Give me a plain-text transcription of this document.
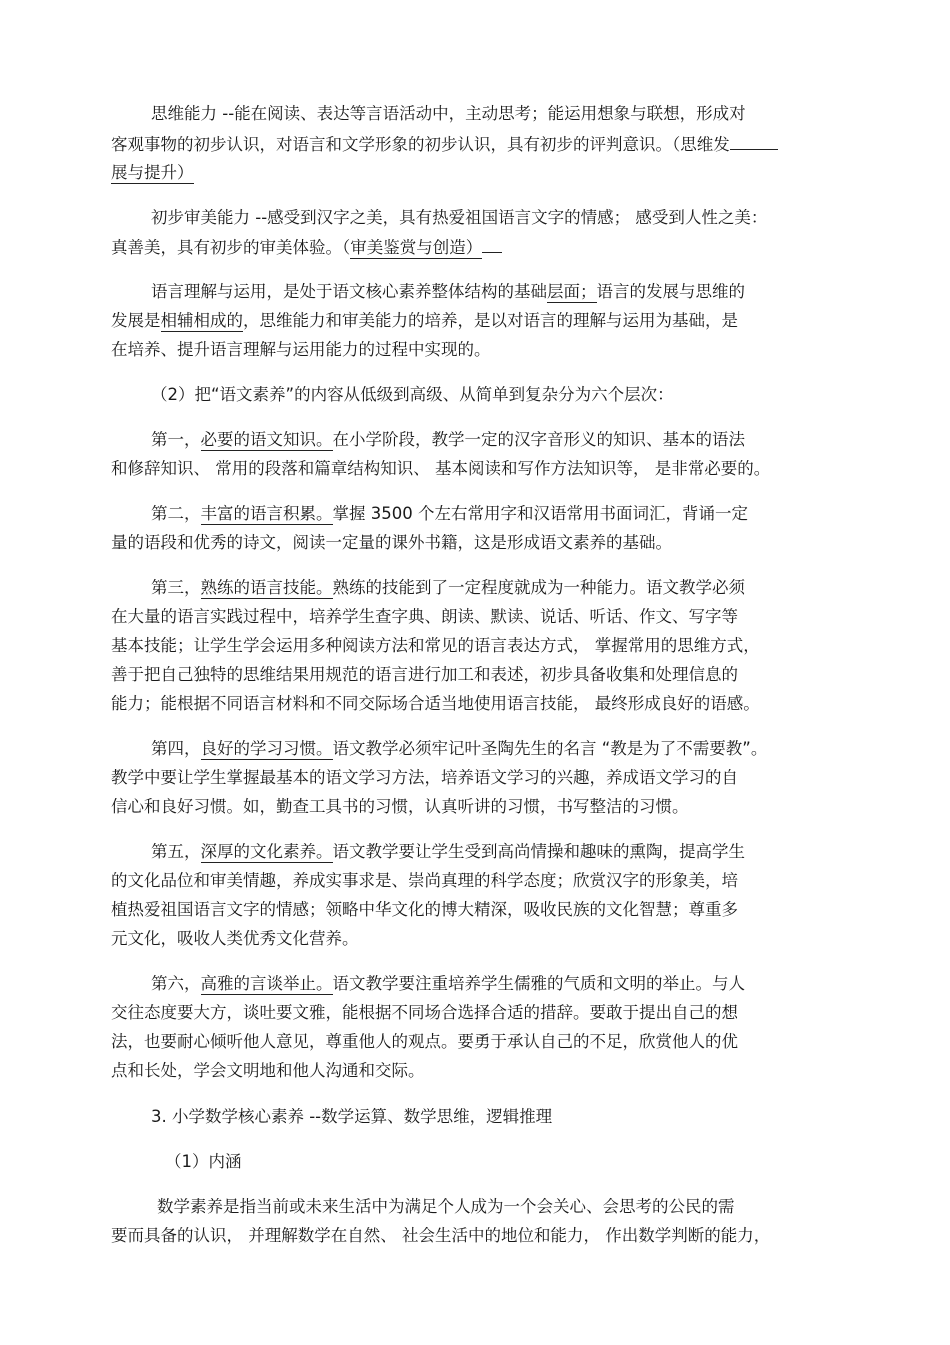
思维能力 --能在阅读、表达等言语活动中，主动思考；能运用想象与联想，形成对
客观事物的初步认识，对语言和文学形象的初步认识，具有初步的评判意识。（思维发
展与提升）
初步审美能力 --感受到汉字之美，具有热爱祖国语言文字的情感； 感受到人性之美：
真善美，具有初步的审美体验。（审美鉴赏与创造）
语言理解与运用，是处于语文核心素养整体结构的基础层面；语言的发展与思维的
发展是相辅相成的，思维能力和审美能力的培养，是以对语言的理解与运用为基础，是
在培养、提升语言理解与运用能力的过程中实现的。
（2）把“语文素养”的内容从低级到高级、从简单到复杂分为六个层次：
第一，必要的语文知识。在小学阶段，教学一定的汉字音形义的知识、基本的语法
和修辞知识、 常用的段落和篇章结构知识、 基本阅读和写作方法知识等， 是非常必要的。
第二，丰富的语言积累。掌握 3500 个左右常用字和汉语常用书面词汇，背诵一定
量的语段和优秀的诗文，阅读一定量的课外书籍，这是形成语文素养的基础。
第三，熟练的语言技能。熟练的技能到了一定程度就成为一种能力。语文教学必须
在大量的语言实践过程中，培养学生查字典、朗读、默读、说话、听话、作文、写字等
基本技能；让学生学会运用多种阅读方法和常见的语言表达方式， 掌握常用的思维方式，
善于把自己独特的思维结果用规范的语言进行加工和表述，初步具备收集和处理信息的
能力；能根据不同语言材料和不同交际场合适当地使用语言技能， 最终形成良好的语感。
第四，良好的学习习惯。语文教学必须牢记叶圣陶先生的名言 “教是为了不需要教”。
教学中要让学生掌握最基本的语文学习方法，培养语文学习的兴趣，养成语文学习的自
信心和良好习惯。如，勤查工具书的习惯，认真听讲的习惯，书写整洁的习惯。
第五，深厚的文化素养。语文教学要让学生受到高尚情操和趣味的熏陶，提高学生
的文化品位和审美情趣，养成实事求是、崇尚真理的科学态度；欣赏汉字的形象美，培
植热爱祖国语言文字的情感；领略中华文化的博大精深，吸收民族的文化智慧；尊重多
元文化，吸收人类优秀文化营养。
第六，高雅的言谈举止。语文教学要注重培养学生儒雅的气质和文明的举止。与人
交往态度要大方，谈吐要文雅，能根据不同场合选择合适的措辞。要敢于提出自己的想
法，也要耐心倾听他人意见，尊重他人的观点。要勇于承认自己的不足，欣赏他人的优
点和长处，学会文明地和他人沟通和交际。
3. 小学数学核心素养 --数学运算、数学思维，逻辑推理
（1）内涵
数学素养是指当前或未来生活中为满足个人成为一个会关心、会思考的公民的需
要而具备的认识， 并理解数学在自然、 社会生活中的地位和能力， 作出数学判断的能力，
